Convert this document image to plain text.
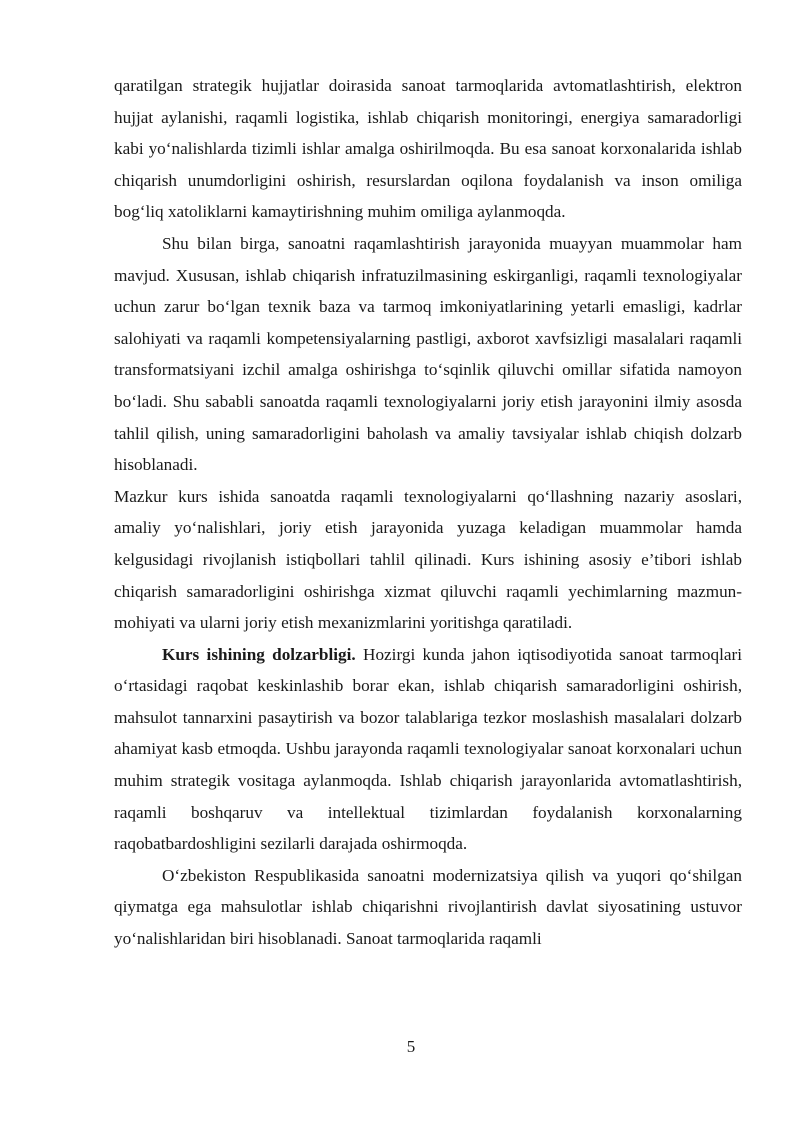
qaratilgan strategik hujjatlar doirasida sanoat tarmoqlarida avtomatlashtirish, elektron hujjat aylanishi, raqamli logistika, ishlab chiqarish monitoringi, energiya samaradorligi kabi yo‘nalishlarda tizimli ishlar amalga oshirilmoqda. Bu esa sanoat korxonalarida ishlab chiqarish unumdorligini oshirish, resurslardan oqilona foydalanish va inson omiliga bog‘liq xatoliklarni kamaytirishning muhim omiliga aylanmoqda.

Shu bilan birga, sanoatni raqamlashtirish jarayonida muayyan muammolar ham mavjud. Xususan, ishlab chiqarish infratuzilmasining eskirganligi, raqamli texnologiyalar uchun zarur bo‘lgan texnik baza va tarmoq imkoniyatlarining yetarli emasligi, kadrlar salohiyati va raqamli kompetensiyalarning pastligi, axborot xavfsizligi masalalari raqamli transformatsiyani izchil amalga oshirishga to‘sqinlik qiluvchi omillar sifatida namoyon bo‘ladi. Shu sababli sanoatda raqamli texnologiyalarni joriy etish jarayonini ilmiy asosda tahlil qilish, uning samaradorligini baholash va amaliy tavsiyalar ishlab chiqish dolzarb hisoblanadi.

Mazkur kurs ishida sanoatda raqamli texnologiyalarni qo‘llashning nazariy asoslari, amaliy yo‘nalishlari, joriy etish jarayonida yuzaga keladigan muammolar hamda kelgusidagi rivojlanish istiqbollari tahlil qilinadi. Kurs ishining asosiy e’tibori ishlab chiqarish samaradorligini oshirishga xizmat qiluvchi raqamli yechimlarning mazmun-mohiyati va ularni joriy etish mexanizmlarini yoritishga qaratiladi.

Kurs ishining dolzarbligi. Hozirgi kunda jahon iqtisodiyotida sanoat tarmoqlari o‘rtasidagi raqobat keskinlashib borar ekan, ishlab chiqarish samaradorligini oshirish, mahsulot tannarxini pasaytirish va bozor talablariga tezkor moslashish masalalari dolzarb ahamiyat kasb etmoqda. Ushbu jarayonda raqamli texnologiyalar sanoat korxonalari uchun muhim strategik vositaga aylanmoqda. Ishlab chiqarish jarayonlarida avtomatlashtirish, raqamli boshqaruv va intellektual tizimlardan foydalanish korxonalarning raqobatbardoshligini sezilarli darajada oshirmoqda.

O‘zbekiston Respublikasida sanoatni modernizatsiya qilish va yuqori qo‘shilgan qiymatga ega mahsulotlar ishlab chiqarishni rivojlantirish davlat siyosatining ustuvor yo‘nalishlaridan biri hisoblanadi. Sanoat tarmoqlarida raqamli

5
